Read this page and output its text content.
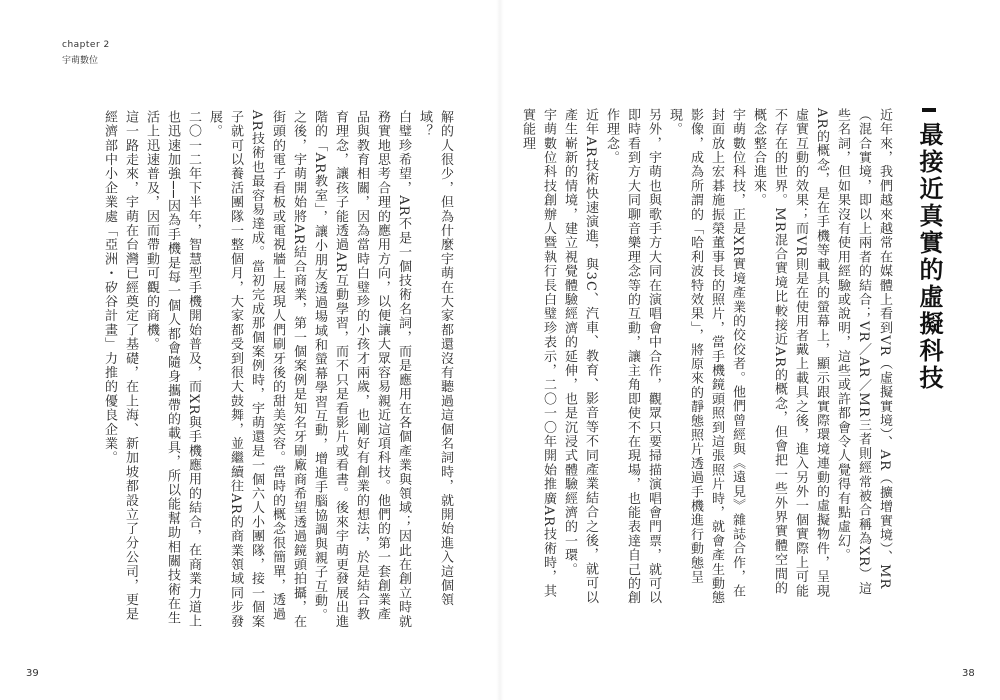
chapter 2
宇萌數位
最接近真實的虛擬科技
近年來，我們越來越常在媒體上看到VR（虛擬實境）、AR（擴增實境）、MR（混合實境，即以上兩者的結合；VR／AR／MR三者則經常被合稱為XR）這些名詞，但如果沒有使用經驗或說明，這些或許都會令人覺得有點虛幻。
AR的概念，是在手機等載具的螢幕上，顯示跟實際環境連動的虛擬物件，呈現虛實互動的效果；而VR則是在使用者戴上載具之後，進入另外一個實際上可能不存在的世界。MR混合實境比較接近AR的概念，但會把一些外界實體空間的概念整合進來。
宇萌數位科技，正是XR實境產業的佼佼者。他們曾經與《遠見》雜誌合作，在封面放上宏碁施振榮董事長的照片，當手機鏡頭照到這張照片時，就會產生動態影像，成為所謂的「哈利波特效果」，將原來的靜態照片透過手機進行動態呈現。
另外，宇萌也與歌手方大同在演唱會中合作，觀眾只要掃描演唱會門票，就可以即時看到方大同聊音樂理念等的互動，讓主角即使不在現場，也能表達自己的創作理念。
近年AR技術快速演進，與3C、汽車、教育、影音等不同產業結合之後，就可以產生嶄新的情境，建立視覺體驗經濟的延伸，也是沉浸式體驗經濟的一環。
宇萌數位科技創辦人暨執行長白璧珍表示，二〇一〇年開始推廣AR技術時，其實能理
解的人很少，但為什麼宇萌在大家都還沒有聽過這個名詞時，就開始進入這個領域？
白璧珍希望，AR不是一個技術名詞，而是應用在各個產業與領域；因此在創立時就務實地思考合理的應用方向，以便讓大眾容易親近這項科技。他們的第一套創業產品與教育相關，因為當時白璧珍的小孩才兩歲，也剛好有創業的想法，於是結合教育理念，讓孩子能透過AR互動學習，而不只是看影片或看書。後來宇萌更發展出進階的「AR教室」，讓小朋友透過場域和螢幕學習互動，增進手腦協調與親子互動。
之後，宇萌開始將AR結合商業，第一個案例是知名牙刷廠商希望透過鏡頭拍攝，在街頭的電子看板或電視牆上展現人們刷牙後的甜美笑容。當時的概念很簡單，透過AR技術也最容易達成。當初完成那個案例時，宇萌還是一個六人小團隊，接一個案子就可以養活團隊一整個月，大家都受到很大鼓舞，並繼續往AR的商業領域同步發展。
二〇一二年下半年，智慧型手機開始普及，而XR與手機應用的結合，在商業力道上也迅速加強──因為手機是每一個人都會隨身攜帶的載具，所以能幫助相關技術在生活上迅速普及，因而帶動可觀的商機。
這一路走來，宇萌在台灣已經奠定了基礎，在上海、新加坡都設立了分公司，更是經濟部中小企業處「亞洲・矽谷計畫」力推的優良企業。
39	38
